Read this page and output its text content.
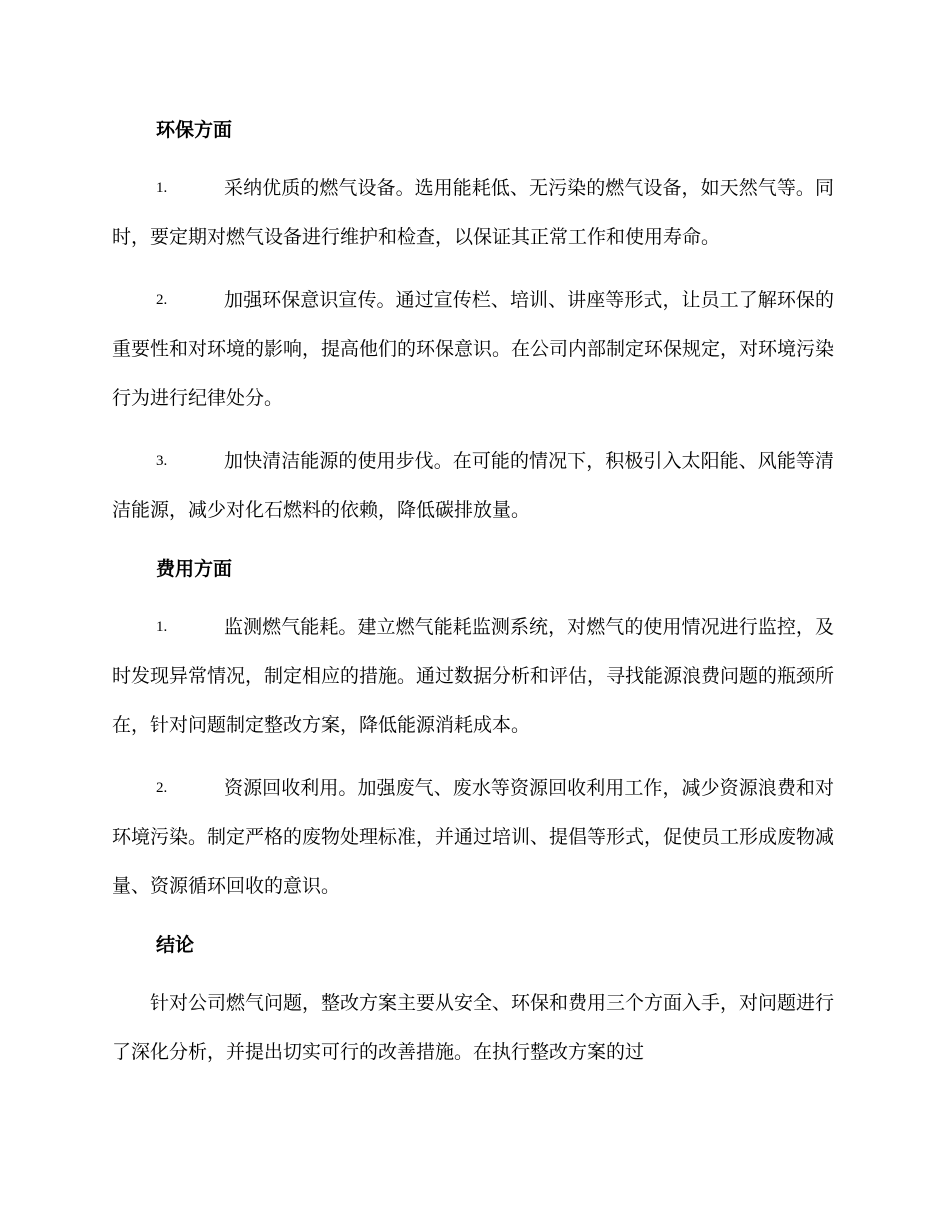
环保方面
1.	采纳优质的燃气设备。选用能耗低、无污染的燃气设备，如天然气等。同时，要定期对燃气设备进行维护和检查，以保证其正常工作和使用寿命。
2.	加强环保意识宣传。通过宣传栏、培训、讲座等形式，让员工了解环保的重要性和对环境的影响，提高他们的环保意识。在公司内部制定环保规定，对环境污染行为进行纪律处分。
3.	加快清洁能源的使用步伐。在可能的情况下，积极引入太阳能、风能等清洁能源，减少对化石燃料的依赖，降低碳排放量。
费用方面
1.	监测燃气能耗。建立燃气能耗监测系统，对燃气的使用情况进行监控，及时发现异常情况，制定相应的措施。通过数据分析和评估，寻找能源浪费问题的瓶颈所在，针对问题制定整改方案，降低能源消耗成本。
2.	资源回收利用。加强废气、废水等资源回收利用工作，减少资源浪费和对环境污染。制定严格的废物处理标准，并通过培训、提倡等形式，促使员工形成废物减量、资源循环回收的意识。
结论

针对公司燃气问题，整改方案主要从安全、环保和费用三个方面入手，对问题进行了深化分析，并提出切实可行的改善措施。在执行整改方案的过
